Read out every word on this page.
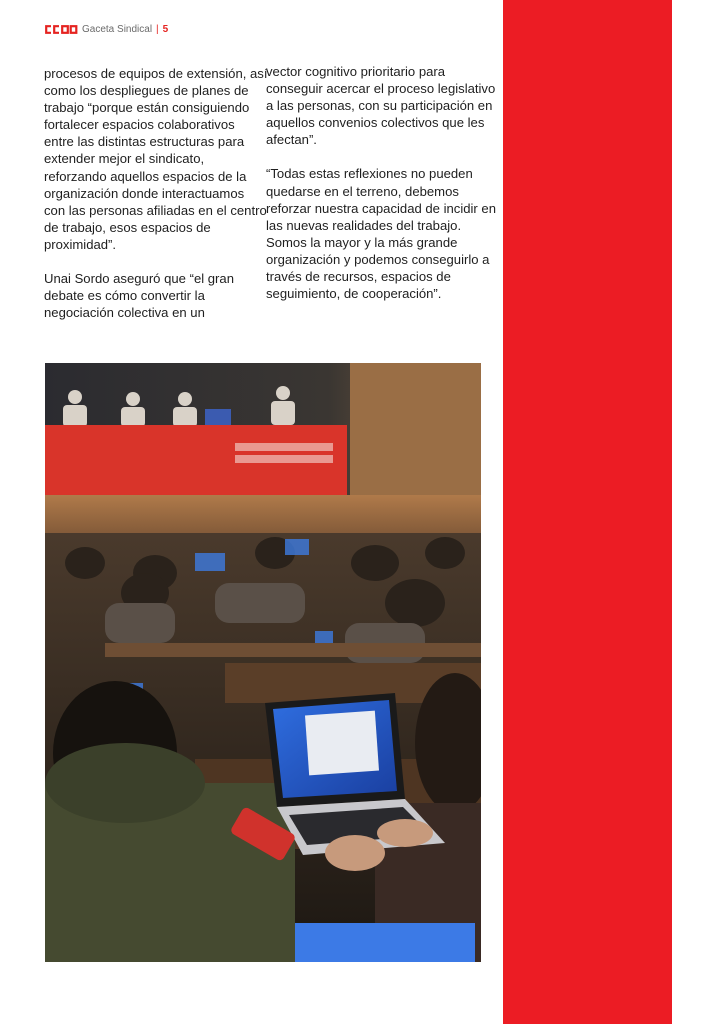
Gaceta Sindical | 5

procesos de equipos de extensión, así como los despliegues de planes de trabajo “porque están consiguiendo fortalecer espacios colaborativos entre las distintas estructuras para extender mejor el sindicato, reforzando aquellos espacios de la organización donde interactuamos con las personas afiliadas en el centro de trabajo, esos espacios de proximidad”.

Unai Sordo aseguró que “el gran debate es cómo convertir la negociación colectiva en un

vector cognitivo prioritario para conseguir acercar el proceso legislativo a las personas, con su participación en aquellos convenios colectivos que les afectan”.

“Todas estas reflexiones no pueden quedarse en el terreno, debemos reforzar nuestra capacidad de incidir en las nuevas realidades del trabajo. Somos la mayor y la más grande organización y podemos conseguirlo a través de recursos, espacios de seguimiento, de cooperación”.
